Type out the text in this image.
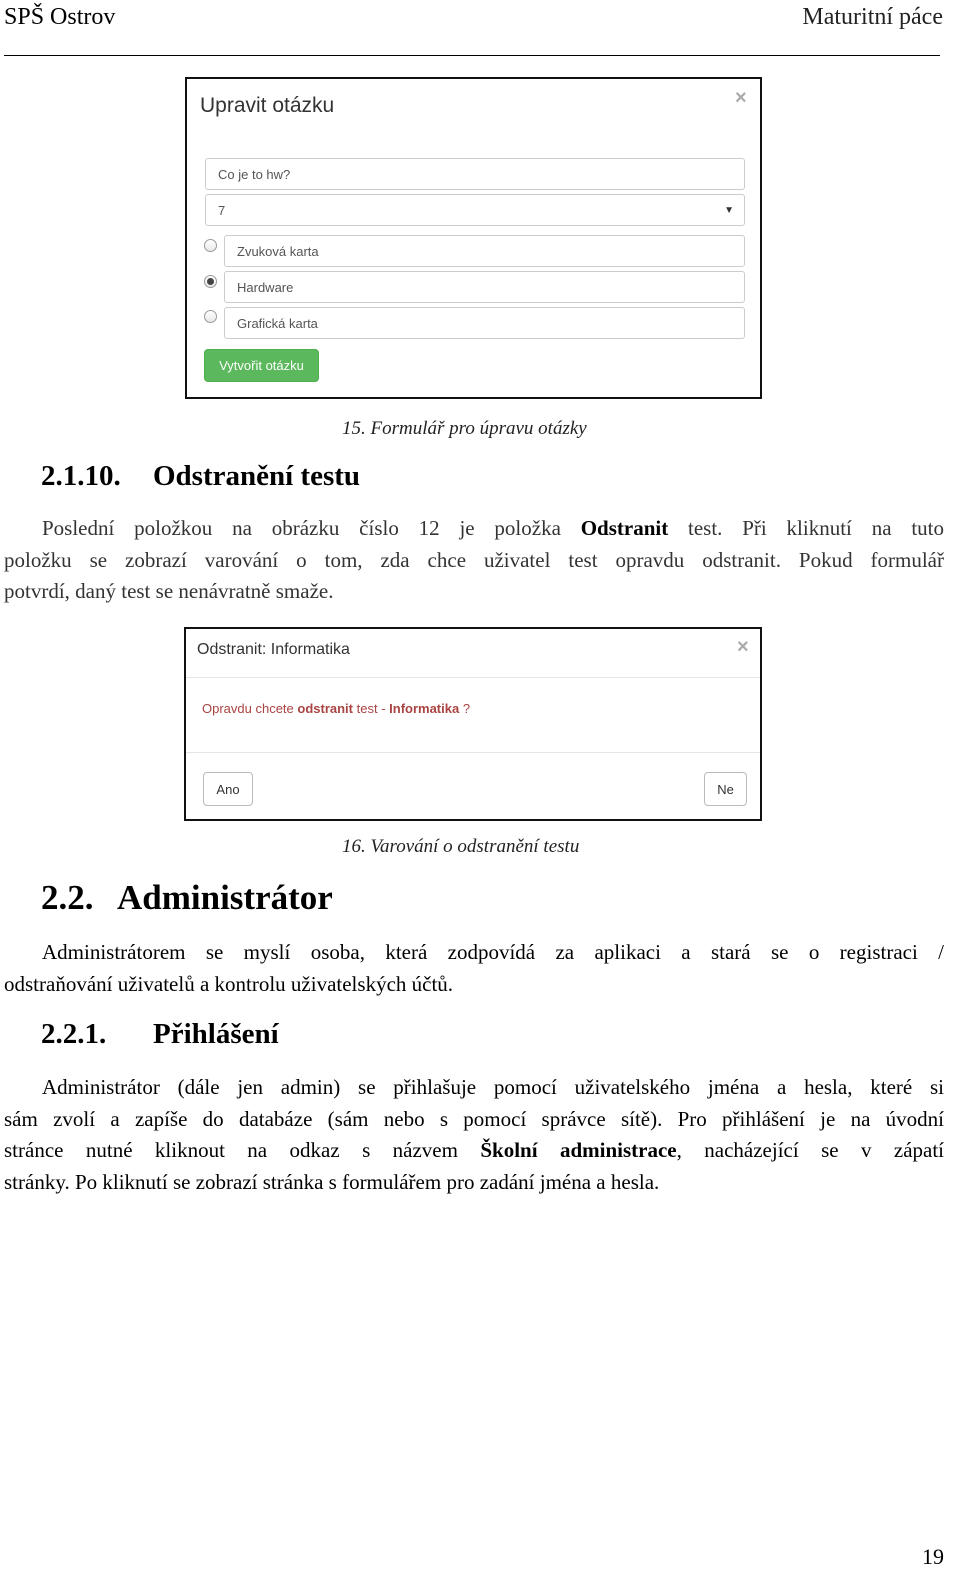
SPŠ Ostrov	Maturitní páce
Upravit otázku	×
Co je to hw?
7	▼
Zvuková karta
Hardware
Grafická karta
Vytvořit otázku
15. Formulář pro úpravu otázky
2.1.10. Odstranění testu
Poslední položkou na obrázku číslo 12 je položka Odstranit test. Při kliknutí na tuto
položku se zobrazí varování o tom, zda chce uživatel test opravdu odstranit. Pokud formulář
potvrdí, daný test se nenávratně smaže.
Odstranit: Informatika	×
Opravdu chcete odstranit test - Informatika ?
Ano	Ne
16. Varování o odstranění testu
2.2. Administrátor
Administrátorem se myslí osoba, která zodpovídá za aplikaci a stará se o registraci /
odstraňování uživatelů a kontrolu uživatelských účtů.
2.2.1. Přihlášení
Administrátor (dále jen admin) se přihlašuje pomocí uživatelského jména a hesla, které si
sám zvolí a zapíše do databáze (sám nebo s pomocí správce sítě). Pro přihlášení je na úvodní
stránce nutné kliknout na odkaz s názvem Školní administrace, nacházející se v zápatí
stránky. Po kliknutí se zobrazí stránka s formulářem pro zadání jména a hesla.
19
